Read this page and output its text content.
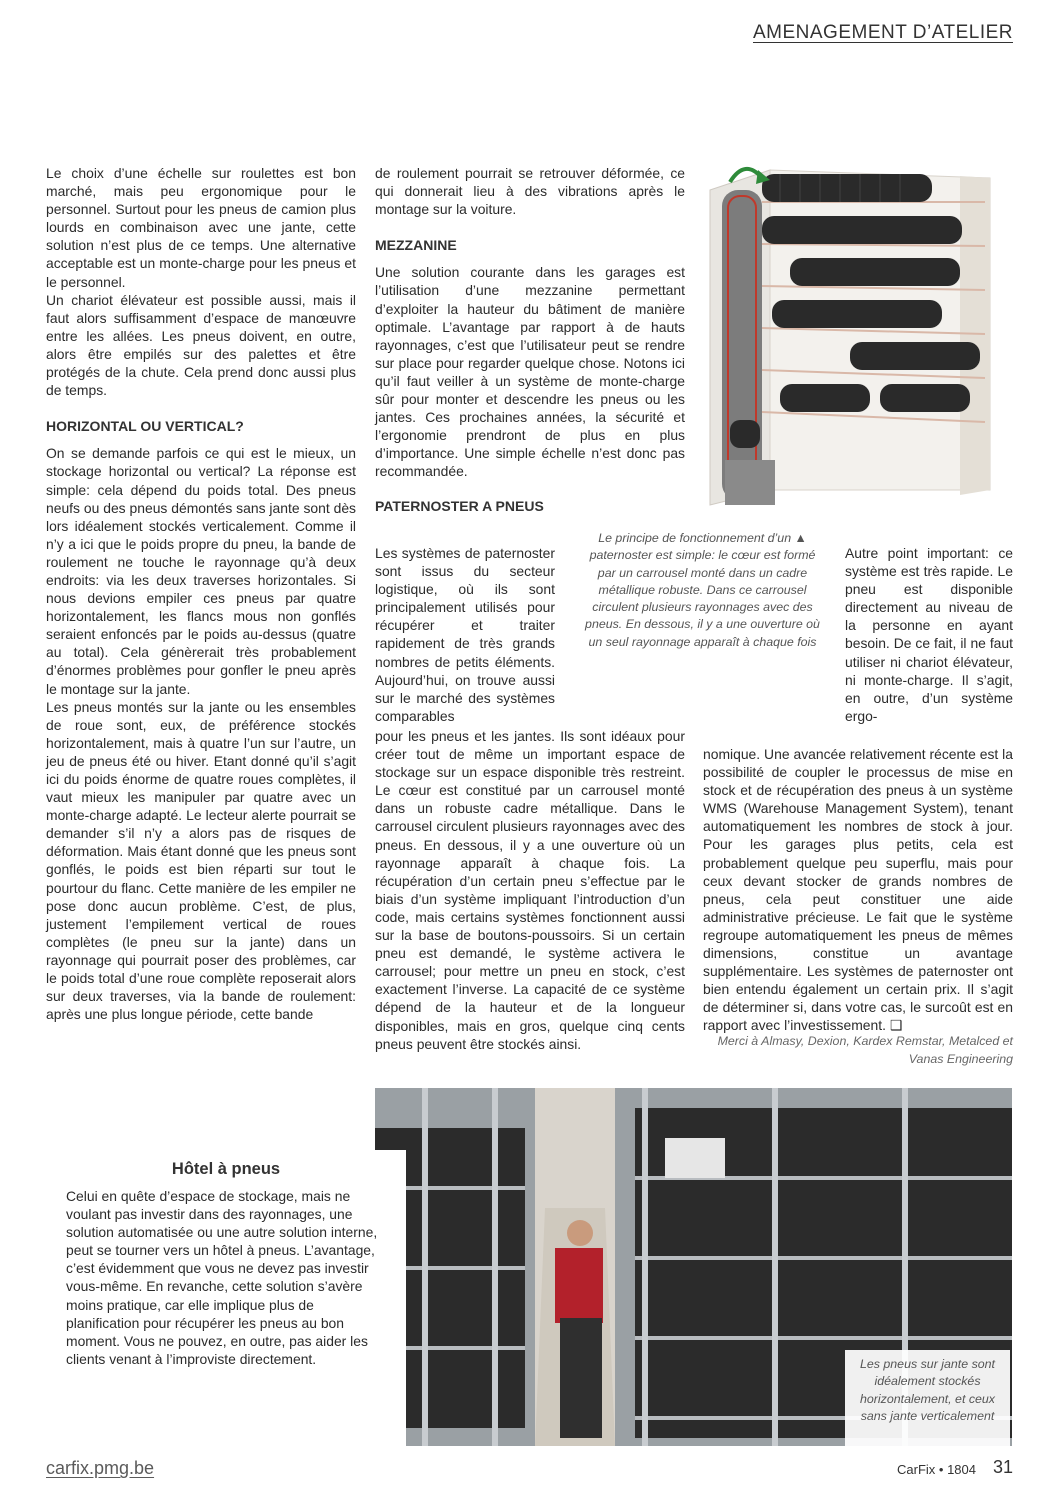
AMENAGEMENT D’ATELIER

Le choix d’une échelle sur roulettes est bon marché, mais peu ergonomique pour le personnel. Surtout pour les pneus de camion plus lourds en combinaison avec une jante, cette solution n’est plus de ce temps. Une alternative acceptable est un monte-charge pour les pneus et le personnel.

Un chariot élévateur est possible aussi, mais il faut alors suffisamment d’espace de manœuvre entre les allées. Les pneus doivent, en outre, alors être empilés sur des palettes et être protégés de la chute. Cela prend donc aussi plus de temps.

HORIZONTAL OU VERTICAL?

On se demande parfois ce qui est le mieux, un stockage horizontal ou vertical? La réponse est simple: cela dépend du poids total. Des pneus neufs ou des pneus démontés sans jante sont dès lors idéalement stockés verticalement. Comme il n’y a ici que le poids propre du pneu, la bande de roulement ne touche le rayonnage qu’à deux endroits: via les deux traverses horizontales. Si nous devions empiler ces pneus par quatre horizontalement, les flancs mous non gonflés seraient enfoncés par le poids au-dessus (quatre au total). Cela génèrerait très probablement d’énormes problèmes pour gonfler le pneu après le montage sur la jante.

Les pneus montés sur la jante ou les ensembles de roue sont, eux, de préférence stockés horizontalement, mais à quatre l’un sur l’autre, un jeu de pneus été ou hiver. Etant donné qu’il s’agit ici du poids énorme de quatre roues complètes, il vaut mieux les manipuler par quatre avec un monte-charge adapté. Le lecteur alerte pourrait se demander s’il n’y a alors pas de risques de déformation. Mais étant donné que les pneus sont gonflés, le poids est bien réparti sur tout le pourtour du flanc. Cette manière de les empiler ne pose donc aucun problème. C’est, de plus, justement l’empilement vertical de roues complètes (le pneu sur la jante) dans un rayonnage qui pourrait poser des problèmes, car le poids total d’une roue complète reposerait alors sur deux traverses, via la bande de roulement: après une plus longue période, cette bande

de roulement pourrait se retrouver déformée, ce qui donnerait lieu à des vibrations après le montage sur la voiture.

MEZZANINE

Une solution courante dans les garages est l’utilisation d’une mezzanine permettant d’exploiter la hauteur du bâtiment de manière optimale. L’avantage par rapport à de hauts rayonnages, c’est que l’utilisateur peut se rendre sur place pour regarder quelque chose. Notons ici qu’il faut veiller à un système de monte-charge sûr pour monter et descendre les pneus ou les jantes. Ces prochaines années, la sécurité et l’ergonomie prendront de plus en plus d’importance. Une simple échelle n’est donc pas recommandée.

PATERNOSTER A PNEUS

Les systèmes de paternoster sont issus du secteur logistique, où ils sont principalement utilisés pour récupérer et traiter rapidement de très grands nombres de petits éléments. Aujourd’hui, on trouve aussi sur le marché des systèmes comparables

pour les pneus et les jantes. Ils sont idéaux pour créer tout de même un important espace de stockage sur un espace disponible très restreint. Le cœur est constitué par un carrousel monté dans un robuste cadre métallique. Dans le carrousel circulent plusieurs rayonnages avec des pneus. En dessous, il y a une ouverture où un rayonnage apparaît à chaque fois. La récupération d’un certain pneu s’effectue par le biais d’un système impliquant l’introduction d’un code, mais certains systèmes fonctionnent aussi sur la base de boutons-poussoirs. Si un certain pneu est demandé, le système activera le carrousel; pour mettre un pneu en stock, c’est exactement l’inverse. La capacité de ce système dépend de la hauteur et de la longueur disponibles, mais en gros, quelque cinq cents pneus peuvent être stockés ainsi.

Le principe de fonctionnement d’un ▲ paternoster est simple: le cœur est formé par un carrousel monté dans un cadre métallique robuste. Dans ce carrousel circulent plusieurs rayonnages avec des pneus. En dessous, il y a une ouverture où un seul rayonnage apparaît à chaque fois

Autre point important: ce système est très rapide. Le pneu est disponible directement au niveau de la personne en ayant besoin. De ce fait, il ne faut utiliser ni chariot élévateur, ni monte-charge. Il s’agit, en outre, d’un système ergo-

nomique. Une avancée relativement récente est la possibilité de coupler le processus de mise en stock et de récupération des pneus à un système WMS (Warehouse Management System), tenant automatiquement les nombres de stock à jour. Pour les garages plus petits, cela est probablement quelque peu superflu, mais pour ceux devant stocker de grands nombres de pneus, cela peut constituer une aide administrative précieuse. Le fait que le système regroupe automatiquement les pneus de mêmes dimensions, constitue un avantage supplémentaire. Les systèmes de paternoster ont bien entendu également un certain prix. Il s’agit de déterminer si, dans votre cas, le surcoût est en rapport avec l’investissement. ❑

Merci à Almasy, Dexion, Kardex Remstar, Metalced et Vanas Engineering
Hôtel à pneus
Celui en quête d’espace de stockage, mais ne voulant pas investir dans des rayonnages, une solution automatisée ou une autre solution interne, peut se tourner vers un hôtel à pneus. L’avantage, c’est évidemment que vous ne devez pas investir vous-même. En revanche, cette solution s’avère moins pratique, car elle implique plus de planification pour récupérer les pneus au bon moment. Vous ne pouvez, en outre, pas aider les clients venant à l’improviste directement.	Les pneus sur jante sont idéalement stockés horizontalement, et ceux sans jante verticalement
carfix.pmg.be	CarFix • 1804 31
